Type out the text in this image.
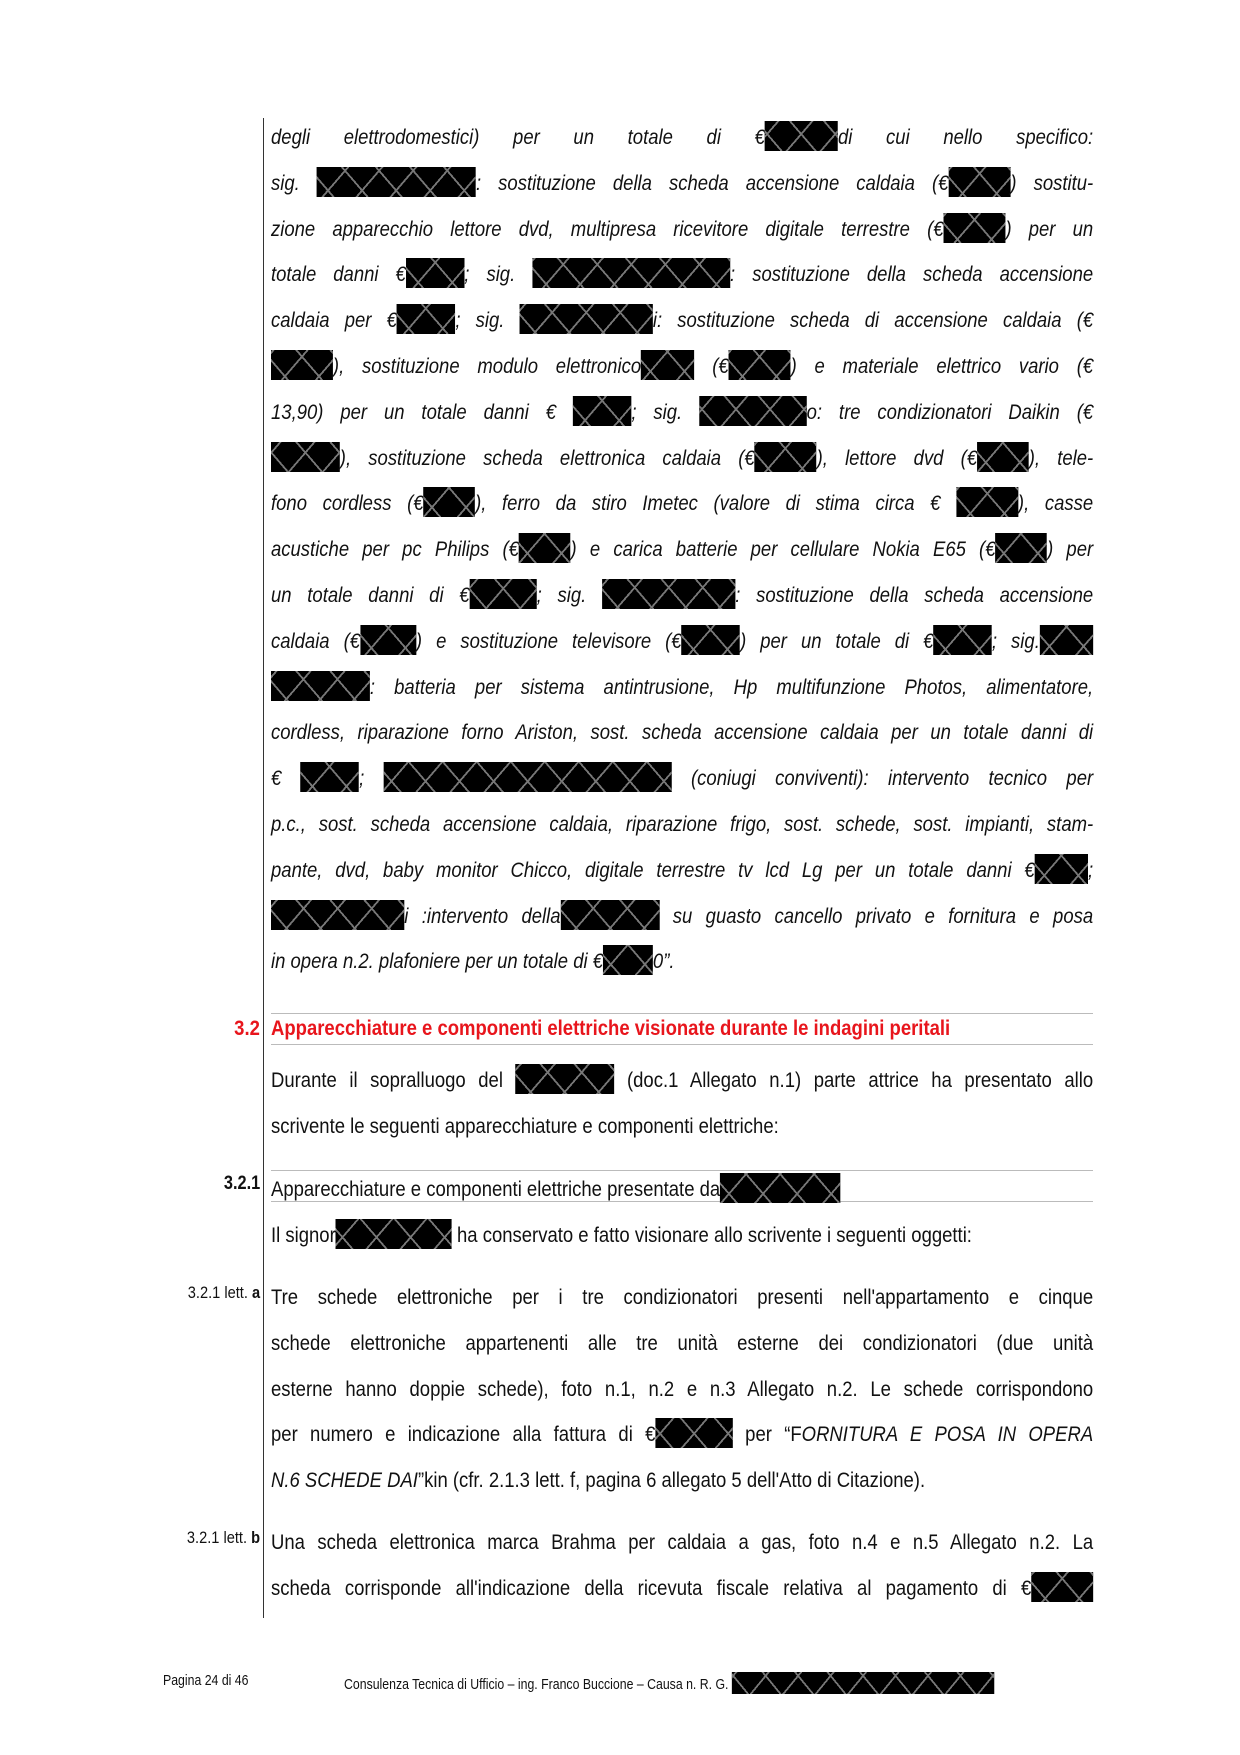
degli elettrodomestici) per un totale di €	di cui nello specifico:
sig.	: sostituzione della scheda accensione caldaia (€	) sostitu-
zione apparecchio lettore dvd, multipresa ricevitore digitale terrestre (€	) per un
totale danni €	; sig.	: sostituzione della scheda accensione
caldaia per €	; sig.	i: sostituzione scheda di accensione caldaia (€
), sostituzione modulo elettronico	(€	) e materiale elettrico vario (€
13,90) per un totale danni €	; sig.	o: tre condizionatori Daikin (€
), sostituzione scheda elettronica caldaia (€	), lettore dvd (€ ), tele-
fono cordless (€ ), ferro da stiro Imetec (valore di stima circa €	), casse
acustiche per pc Philips (€ ) e carica batterie per cellulare Nokia E65 (€ ) per
un totale danni di €	; sig.	: sostituzione della scheda accensione
caldaia (€	) e sostituzione televisore (€	) per un totale di €	; sig.
: batteria per sistema antintrusione, Hp multifunzione Photos, alimentatore,
cordless, riparazione forno Ariston, sost. scheda accensione caldaia per un totale danni di
€	;	(coniugi conviventi): intervento tecnico per
p.c., sost. scheda accensione caldaia, riparazione frigo, sost. schede, sost. impianti, stam-
pante, dvd, baby monitor Chicco, digitale terrestre tv lcd Lg per un totale danni € ;
i :intervento della	su guasto cancello privato e fornitura e posa
in opera n.2. plafoniere per un totale di € 0”.
3.2 Apparecchiature e componenti elettriche visionate durante le indagini peritali
Durante il sopralluogo del	(doc.1 Allegato n.1) parte attrice ha presentato allo
scrivente le seguenti apparecchiature e componenti elettriche:
3.2.1 Apparecchiature e componenti elettriche presentate da
Il signor	ha conservato e fatto visionare allo scrivente i seguenti oggetti:
3.2.1 lett. a Tre schede elettroniche per i tre condizionatori presenti nell'appartamento e cinque
schede elettroniche appartenenti alle tre unità esterne dei condizionatori (due unità
esterne hanno doppie schede), foto n.1, n.2 e n.3 Allegato n.2. Le schede corrispondono
per numero e indicazione alla fattura di €	per “FORNITURA E POSA IN OPERA
N.6 SCHEDE DAI”kin (cfr. 2.1.3 lett. f, pagina 6 allegato 5 dell'Atto di Citazione).
3.2.1 lett. b Una scheda elettronica marca Brahma per caldaia a gas, foto n.4 e n.5 Allegato n.2. La
scheda corrisponde all'indicazione della ricevuta fiscale relativa al pagamento di €
Pagina 24 di 46	Consulenza Tecnica di Ufficio – ing. Franco Buccione – Causa n. R. G.
